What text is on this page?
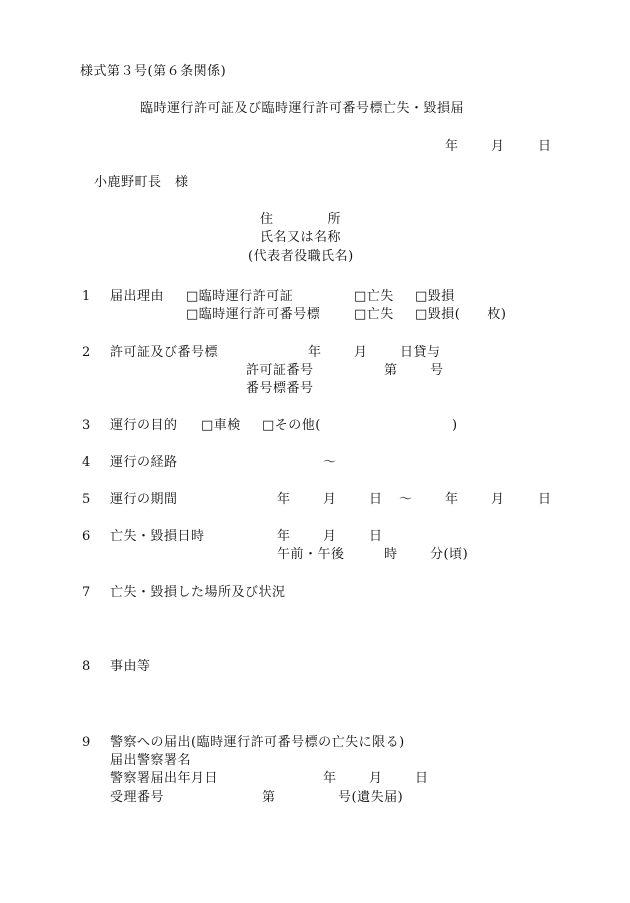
様式第３号(第６条関係)
臨時運行許可証及び臨時運行許可番号標亡失・毀損届
年 月	日
小鹿野町長　様
住　　　　所
氏名又は名称
(代表者役職氏名)
1 届出理由 □臨時運行許可証	□亡失 □毀損
□臨時運行許可番号標	□亡失 □毀損(　　枚)
2 許可証及び番号標	年 月 日貸与
許可証番号	第 号
番号標番号
3 運行の目的 □車検 □その他(	)
4 運行の経路	～
5 運行の期間	年 月 日 ～ 年 月	日
6 亡失・毀損日時	年 月 日
午前・午後	時 分(頃)
7 亡失・毀損した場所及び状況
8 事由等
9 警察への届出(臨時運行許可番号標の亡失に限る)
届出警察署名
警察署届出年月日	年 月 日
受理番号	第	号(遺失届)
